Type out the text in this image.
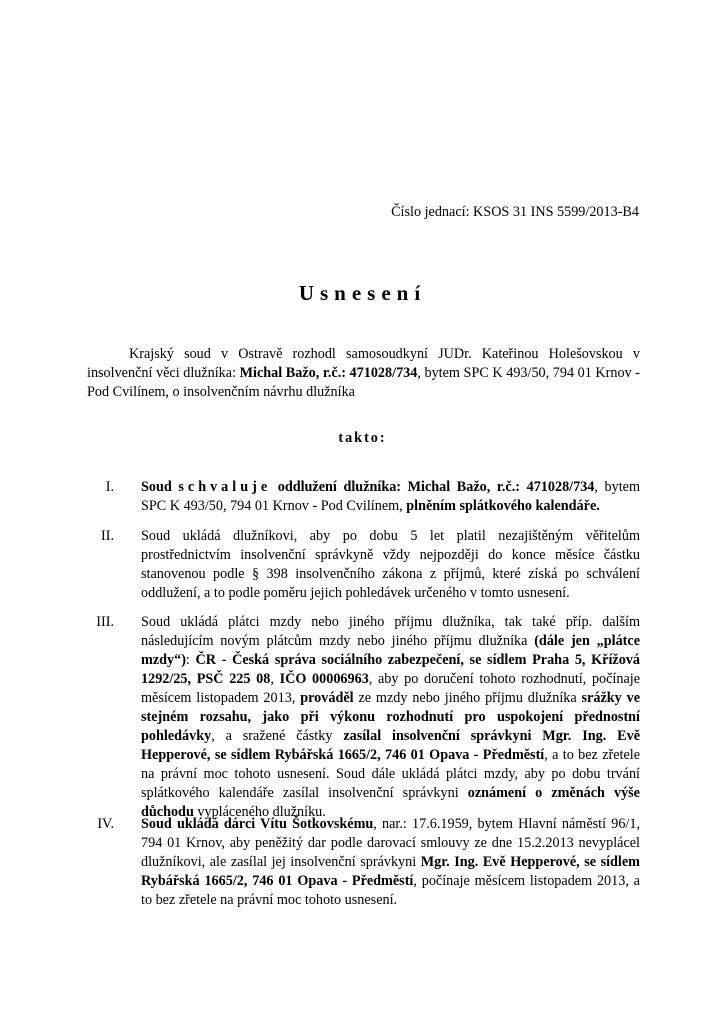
Číslo jednací: KSOS 31 INS 5599/2013-B4
Usnesení
Krajský soud v Ostravě rozhodl samosoudkyní JUDr. Kateřinou Holešovskou v insolvenční věci dlužníka: Michal Bažo, r.č.: 471028/734, bytem SPC K 493/50, 794 01 Krnov - Pod Cvilínem, o insolvenčním návrhu dlužníka
takto:
I. Soud schvaluje oddlužení dlužníka: Michal Bažo, r.č.: 471028/734, bytem SPC K 493/50, 794 01 Krnov - Pod Cvilínem, plněním splátkového kalendáře.
II. Soud ukládá dlužníkovi, aby po dobu 5 let platil nezajištěným věřitelům prostřednictvím insolvenční správkyně vždy nejpozději do konce měsíce částku stanovenou podle § 398 insolvenčního zákona z příjmů, které získá po schválení oddlužení, a to podle poměru jejich pohledávek určeného v tomto usnesení.
III. Soud ukládá plátci mzdy nebo jiného příjmu dlužníka, tak také příp. dalším následujícím novým plátcům mzdy nebo jiného příjmu dlužníka (dále jen „plátce mzdy“): ČR - Česká správa sociálního zabezpečení, se sídlem Praha 5, Křížová 1292/25, PSČ 225 08, IČO 00006963, aby po doručení tohoto rozhodnutí, počínaje měsícem listopadem 2013, prováděl ze mzdy nebo jiného příjmu dlužníka srážky ve stejném rozsahu, jako při výkonu rozhodnutí pro uspokojení přednostní pohledávky, a sražené částky zasílal insolvenční správkyni Mgr. Ing. Evě Hepperové, se sídlem Rybářská 1665/2, 746 01 Opava - Předměstí, a to bez zřetele na právní moc tohoto usnesení. Soud dále ukládá plátci mzdy, aby po dobu trvání splátkového kalendáře zasílal insolvenční správkyni oznámení o změnách výše důchodu vypláceného dlužníku.
IV. Soud ukládá dárci Vítu Šotkovskému, nar.: 17.6.1959, bytem Hlavní náměstí 96/1, 794 01 Krnov, aby peněžitý dar podle darovací smlouvy ze dne 15.2.2013 nevyplácel dlužníkovi, ale zasílal jej insolvenční správkyni Mgr. Ing. Evě Hepperové, se sídlem Rybářská 1665/2, 746 01 Opava - Předměstí, počínaje měsícem listopadem 2013, a to bez zřetele na právní moc tohoto usnesení.
